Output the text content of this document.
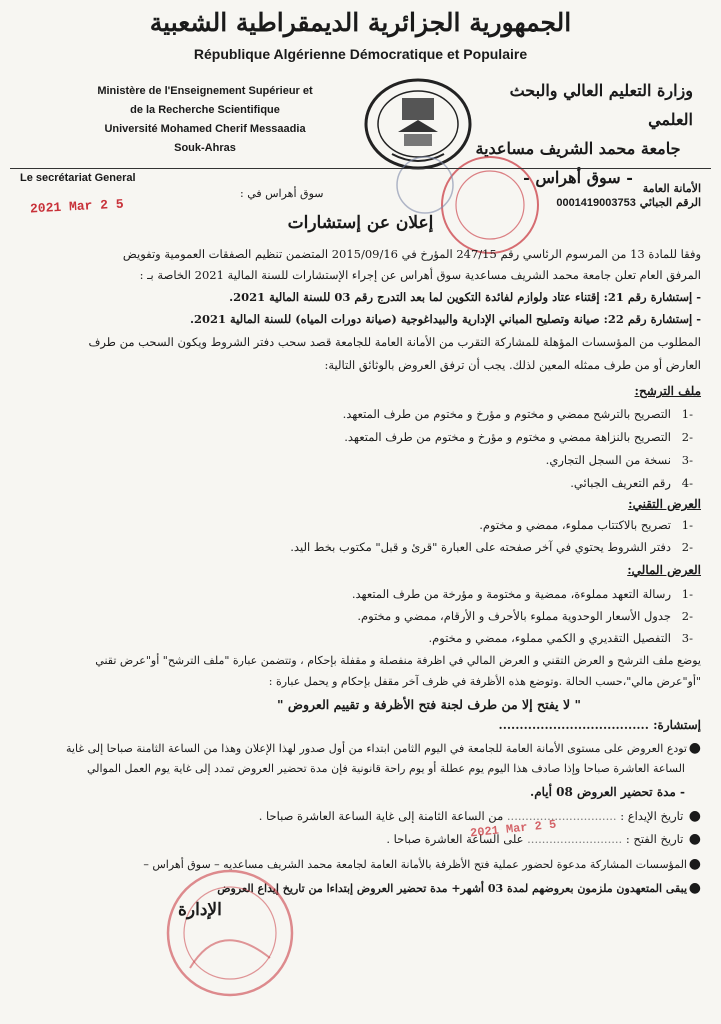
الجمهورية الجزائرية الديمقراطية الشعبية
République Algérienne Démocratique et Populaire
Ministère de l'Enseignement Supérieur et
de la Recherche Scientifique
Université Mohamed Cherif Messaadia
Souk-Ahras
وزارة التعليم العالي والبحث العلمي
جامعة محمد الشريف مساعدية
- سوق أهراس -
Le secrétariat General
الأمانة العامة
سوق أهراس في :
2021 Mar 2 5	الرقم الجبائي 0001419003753
إعلان عن إستشارات
وفقا للمادة 13 من المرسوم الرئاسي رقم 247/15 المؤرخ في 2015/09/16 المتضمن تنظيم الصفقات العمومية وتفويض
المرفق العام تعلن جامعة محمد الشريف مساعدية سوق أهراس عن إجراء الإستشارات للسنة المالية 2021 الخاصة بـ :
- إستشارة رقم 21: إقتناء عتاد ولوازم لفائدة التكوين لما بعد التدرج رقم 03 للسنة المالية 2021.
- إستشارة رقم 22: صيانة وتصليح المباني الإدارية والبيداغوجية (صيانة دورات المياه) للسنة المالية 2021.
المطلوب من المؤسسات المؤهلة للمشاركة التقرب من الأمانة العامة للجامعة قصد سحب دفتر الشروط ويكون السحب من طرف
العارض أو من طرف ممثله المعين لذلك. يجب أن ترفق العروض بالوثائق التالية:
ملف الترشح:
-1التصريح بالترشح ممضي و مختوم و مؤرخ و مختوم من طرف المتعهد.
-2التصريح بالنزاهة ممضي و مختوم و مؤرخ و مختوم من طرف المتعهد.
-3نسخة من السجل التجاري.
-4رقم التعريف الجبائي.
العرض التقني:
-1تصريح بالاكتتاب مملوء، ممضي و مختوم.
-2دفتر الشروط يحتوي في آخر صفحته على العبارة "قرئ و قبل" مكتوب بخط اليد.
العرض المالي:
-1رسالة التعهد مملوءة، ممضية و مختومة و مؤرخة من طرف المتعهد.
-2جدول الأسعار الوحدوية مملوء بالأحرف و الأرقام، ممضي و مختوم.
-3التفصيل التقديري و الكمي مملوء، ممضي و مختوم.
يوضع ملف الترشح و العرض التقني و العرض المالي في اظرفة منفصلة و مقفلة بإحكام ، وتتضمن عبارة "ملف الترشح" أو"عرض تقني
"أو"عرض مالي"،حسب الحالة .وتوضع هذه الأظرفة في ظرف آخر مقفل بإحكام و يحمل عبارة :
" لا يفتح إلا من طرف لجنة فتح الأظرفة و تقييم العروض "
إستشارة: ....................................
●تودع العروض على مستوى الأمانة العامة للجامعة في اليوم الثامن ابتداء من أول صدور لهذا الإعلان وهذا من الساعة الثامنة صباحا إلى غاية
الساعة العاشرة صباحا وإذا صادف هذا اليوم يوم عطلة أو يوم راحة قانونية فإن مدة تحضير العروض تمدد إلى غاية يوم العمل الموالي
- مدة تحضير العروض 08 أيام.
● تاريخ الإيداع : .............................. من الساعة الثامنة إلى غاية الساعة العاشرة صباحا .
● تاريخ الفتح : .......................... على الساعة العاشرة صباحا .
2021 Mar 2 5
●المؤسسات المشاركة مدعوة لحضور عملية فتح الأظرفة بالأمانة العامة لجامعة محمد الشريف مساعديه – سوق أهراس –
●يبقى المتعهدون ملزمون بعروضهم لمدة 03 أشهر+ مدة تحضير العروض إبتداءا من تاريخ إيداع العروض
الإدارة
